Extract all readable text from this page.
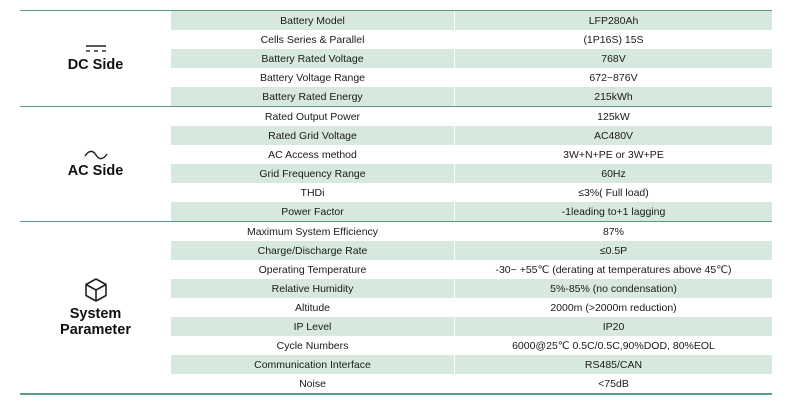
DC Side
Battery Model	LFP280Ah
Cells Series & Parallel	(1P16S) 15S
Battery Rated Voltage	768V
Battery Voltage Range	672~876V
Battery Rated Energy	215kWh
AC Side
Rated Output Power	125kW
Rated Grid Voltage	AC480V
AC Access method	3W+N+PE or 3W+PE
Grid Frequency Range	60Hz
THDi	≤3%( Full load)
Power Factor	-1leading to+1 lagging
System
Parameter
Maximum System Efficiency	87%
Charge/Discharge Rate	≤0.5P
Operating Temperature	-30~ +55℃ (derating at temperatures above 45℃)
Relative Humidity	5%-85% (no condensation)
Altitude	2000m (>2000m reduction)
IP Level	IP20
Cycle Numbers	6000@25℃ 0.5C/0.5C,90%DOD, 80%EOL
Communication Interface	RS485/CAN
Noise	<75dB
